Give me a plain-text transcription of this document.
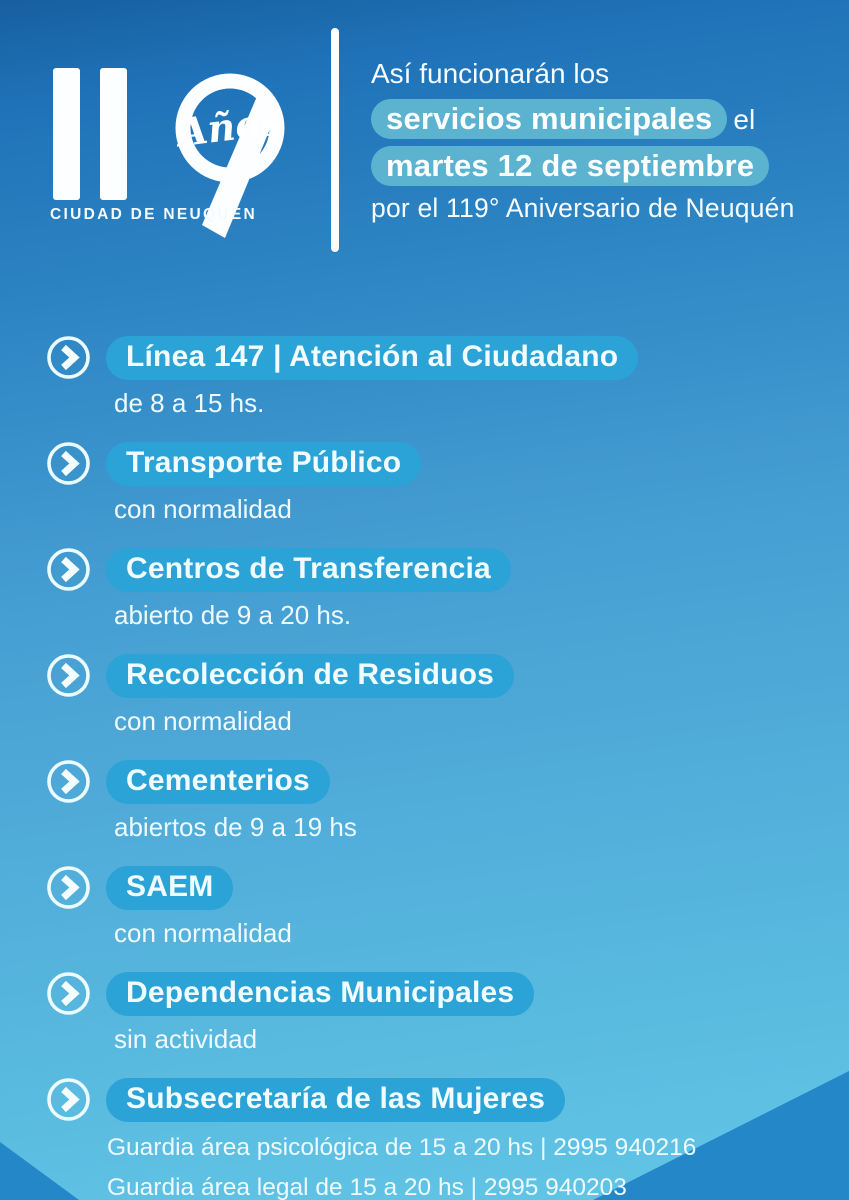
Años
CIUDAD DE NEUQUÉN
Así funcionarán los
servicios municipales el
martes 12 de septiembre
por el 119° Aniversario de Neuquén
Línea 147 | Atención al Ciudadano
de 8 a 15 hs.
Transporte Público
con normalidad
Centros de Transferencia
abierto de 9 a 20 hs.
Recolección de Residuos
con normalidad
Cementerios
abiertos de 9 a 19 hs
SAEM
con normalidad
Dependencias Municipales
sin actividad
Subsecretaría de las Mujeres
Guardia área psicológica de 15 a 20 hs | 2995 940216
Guardia área legal de 15 a 20 hs | 2995 940203
